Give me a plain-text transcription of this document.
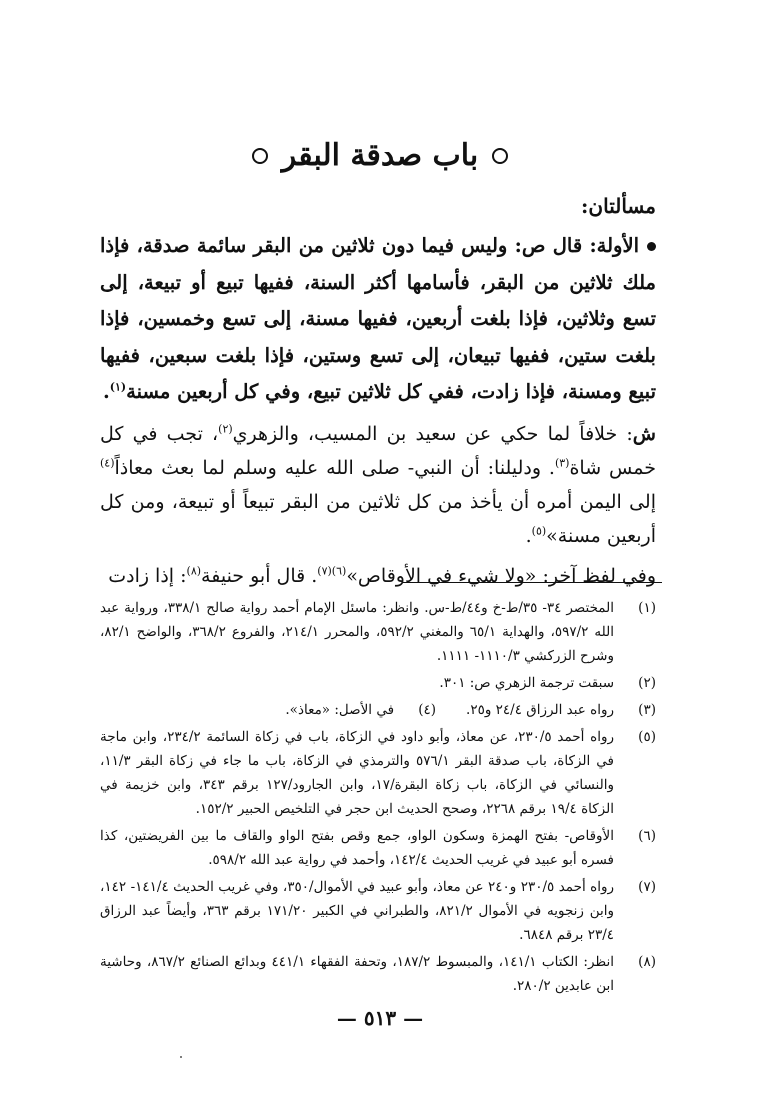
باب صدقة البقر

مسألتان:

الأولة: قال ص: وليس فيما دون ثلاثين من البقر سائمة صدقة، فإذا ملك ثلاثين من البقر، فأسامها أكثر السنة، ففيها تبيع أو تبيعة، إلى تسع وثلاثين، فإذا بلغت أربعين، ففيها مسنة، إلى تسع وخمسين، فإذا بلغت ستين، ففيها تبيعان، إلى تسع وستين، فإذا بلغت سبعين، ففيها تبيع ومسنة، فإذا زادت، ففي كل ثلاثين تبيع، وفي كل أربعين مسنة$^{(١)}$.

ش: خلافاً لما حكي عن سعيد بن المسيب، والزهري$^{(٢)}$، تجب في كل خمس شاة$^{(٣)}$. ودليلنا: أن النبي- صلى الله عليه وسلم لما بعث معاذاً$^{(٤)}$ إلى اليمن أمره أن يأخذ من كل ثلاثين من البقر تبيعاً أو تبيعة، ومن كل أربعين مسنة»$^{(٥)}$.

وفي لفظ آخر: «ولا شيء في الأوقاص»$^{(٦)(٧)}$. قال أبو حنيفة$^{(٨)}$: إذا زادت

(١)
المختصر ٣٤- ٣٥/ط-خ و٤٤/ط-س. وانظر: ماسئل الإمام أحمد رواية صالح ٣٣٨/١، ورواية عبد الله ٥٩٧/٢، والهداية ٦٥/١ والمغني ٥٩٢/٢، والمحرر ٢١٤/١، والفروع ٣٦٨/٢، والواضح ٨٢/١، وشرح الزركشي ١١١٠/٣- ١١١١.
(٢)
سبقت ترجمة الزهري ص: ٣٠١.
(٣)
رواه عبد الرزاق ٢٤/٤ و٢٥.
(٤)
في الأصل: «معاذ».
(٥)
رواه أحمد ٢٣٠/٥، عن معاذ، وأبو داود في الزكاة، باب في زكاة السائمة ٢٣٤/٢، وابن ماجة في الزكاة، باب صدقة البقر ٥٧٦/١ والترمذي في الزكاة، باب ما جاء في زكاة البقر ١١/٣، والنسائي في الزكاة، باب زكاة البقرة/١٧، وابن الجارود/١٢٧ برقم ٣٤٣، وابن خزيمة في الزكاة ١٩/٤ برقم ٢٢٦٨، وصحح الحديث ابن حجر في التلخيص الحبير ١٥٢/٢.
(٦)
الأوقاص- بفتح الهمزة وسكون الواو، جمع وقص بفتح الواو والقاف ما بين الفريضتين، كذا فسره أبو عبيد في غريب الحديث ١٤٢/٤، وأحمد في رواية عبد الله ٥٩٨/٢.
(٧)
رواه أحمد ٢٣٠/٥ و٢٤٠ عن معاذ، وأبو عبيد في الأموال/٣٥٠، وفي غريب الحديث ١٤١/٤- ١٤٢، وابن زنجويه في الأموال ٨٢١/٢، والطبراني في الكبير ١٧١/٢٠ برقم ٣٦٣، وأيضاً عبد الرزاق ٢٣/٤ برقم ٦٨٤٨.
(٨)
انظر: الكتاب ١٤١/١، والمبسوط ١٨٧/٢، وتحفة الفقهاء ٤٤١/١ وبدائع الصنائع ٨٦٧/٢، وحاشية ابن عابدين ٢٨٠/٢.
— ٥١٣ —
